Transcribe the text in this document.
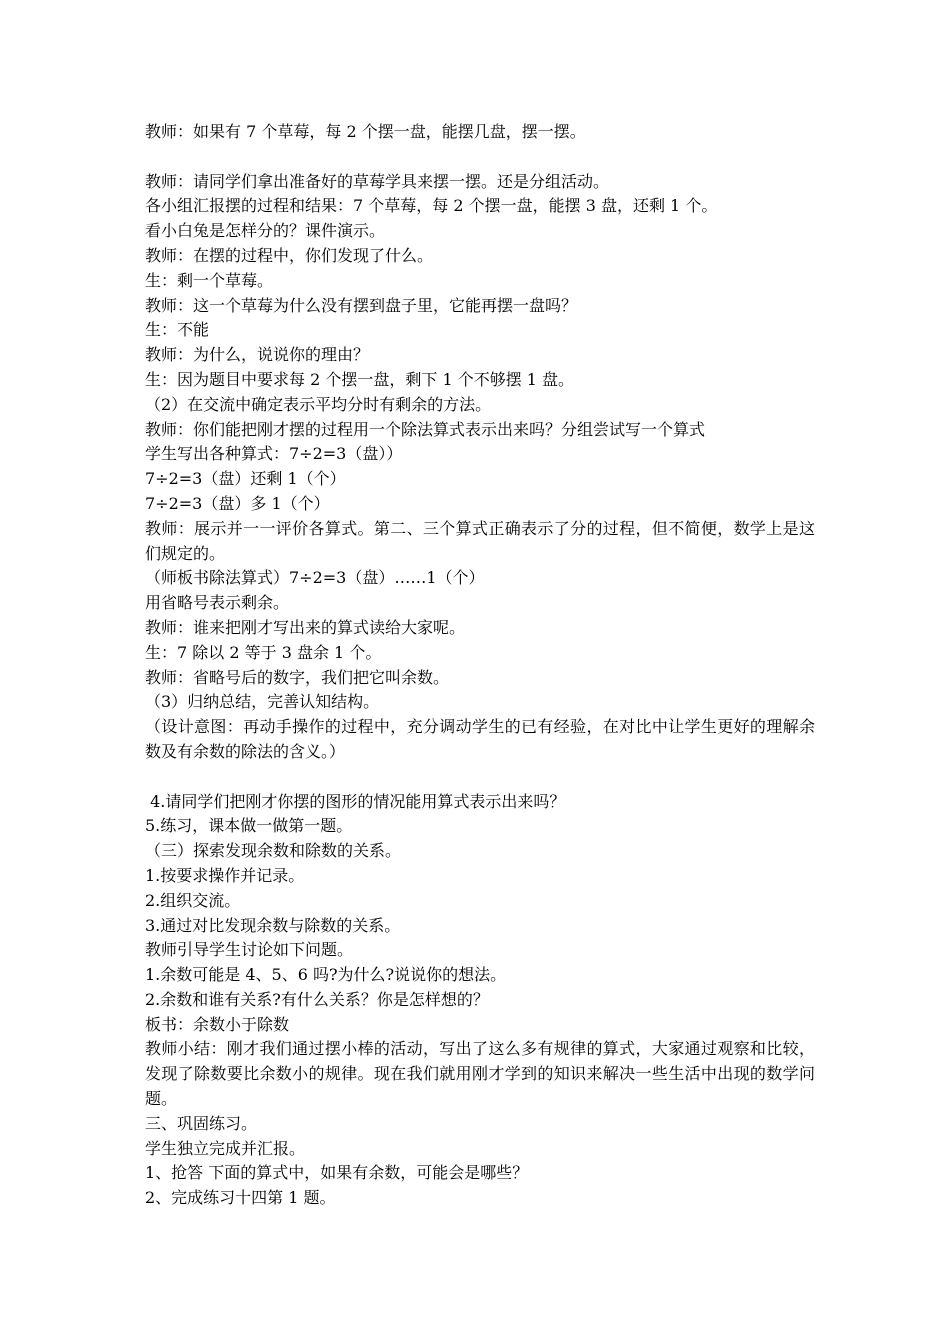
教师：如果有 7 个草莓，每 2 个摆一盘，能摆几盘，摆一摆。
教师：请同学们拿出准备好的草莓学具来摆一摆。还是分组活动。
各小组汇报摆的过程和结果：7 个草莓，每 2 个摆一盘，能摆 3 盘，还剩 1 个。
看小白兔是怎样分的？课件演示。
教师：在摆的过程中，你们发现了什么。
生：剩一个草莓。
教师：这一个草莓为什么没有摆到盘子里，它能再摆一盘吗？
生：不能
教师：为什么，说说你的理由？
生：因为题目中要求每 2 个摆一盘，剩下 1 个不够摆 1 盘。
（2）在交流中确定表示平均分时有剩余的方法。
教师：你们能把刚才摆的过程用一个除法算式表示出来吗？分组尝试写一个算式
学生写出各种算式：7÷2=3（盘））
7÷2=3（盘）还剩 1（个）
7÷2=3（盘）多 1（个）
教师：展示并一一评价各算式。第二、三个算式正确表示了分的过程，但不简便，数学上是这们规定的。
（师板书除法算式）7÷2=3（盘）……1（个）
用省略号表示剩余。
教师：谁来把刚才写出来的算式读给大家呢。
生：7 除以 2 等于 3 盘余 1 个。
教师：省略号后的数字，我们把它叫余数。
（3）归纳总结，完善认知结构。
（设计意图：再动手操作的过程中，充分调动学生的已有经验，在对比中让学生更好的理解余数及有余数的除法的含义。）
4.请同学们把刚才你摆的图形的情况能用算式表示出来吗？
5.练习，课本做一做第一题。
（三）探索发现余数和除数的关系。
1.按要求操作并记录。
2.组织交流。
3.通过对比发现余数与除数的关系。
教师引导学生讨论如下问题。
1.余数可能是 4、5、6 吗?为什么?说说你的想法。
2.余数和谁有关系?有什么关系？你是怎样想的？
板书：余数小于除数
教师小结：刚才我们通过摆小棒的活动，写出了这么多有规律的算式，大家通过观察和比较，发现了除数要比余数小的规律。现在我们就用刚才学到的知识来解决一些生活中出现的数学问题。
三、巩固练习。
学生独立完成并汇报。
1、抢答 下面的算式中，如果有余数，可能会是哪些？
2、完成练习十四第 1 题。
